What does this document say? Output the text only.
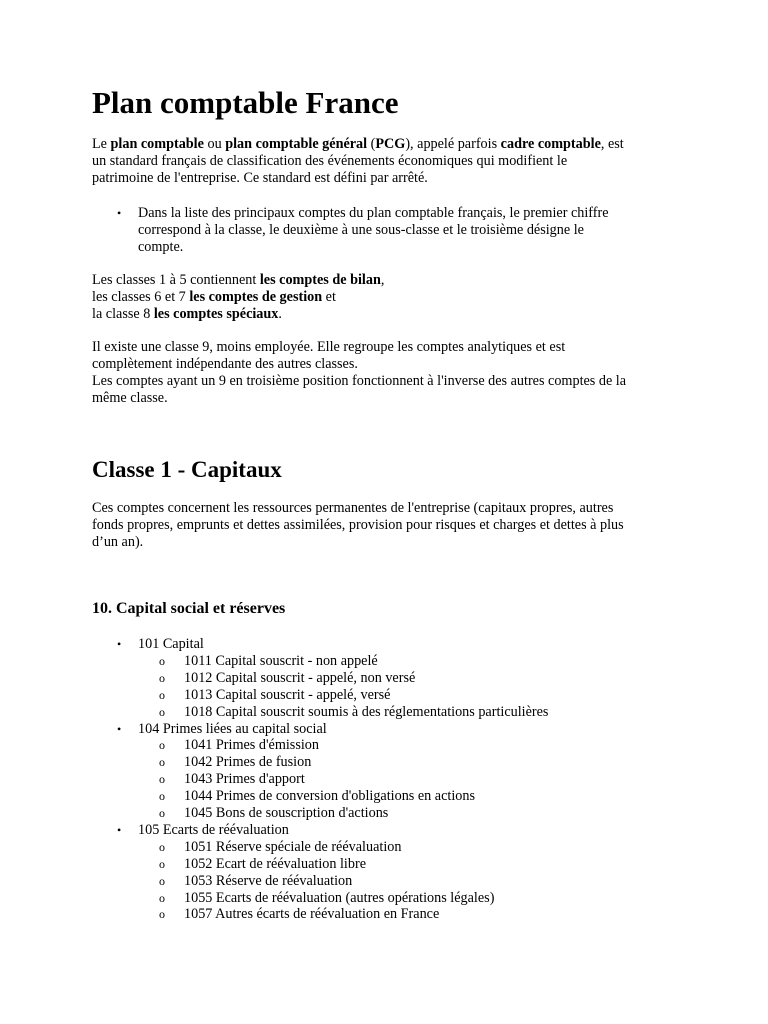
Plan comptable France
Le plan comptable ou plan comptable général (PCG), appelé parfois cadre comptable, est
un standard français de classification des événements économiques qui modifient le
patrimoine de l'entreprise. Ce standard est défini par arrêté.
• Dans la liste des principaux comptes du plan comptable français, le premier chiffre
correspond à la classe, le deuxième à une sous-classe et le troisième désigne le
compte.
Les classes 1 à 5 contiennent les comptes de bilan,
les classes 6 et 7 les comptes de gestion et
la classe 8 les comptes spéciaux.
Il existe une classe 9, moins employée. Elle regroupe les comptes analytiques et est
complètement indépendante des autres classes.
Les comptes ayant un 9 en troisième position fonctionnent à l'inverse des autres comptes de la
même classe.
Classe 1 - Capitaux
Ces comptes concernent les ressources permanentes de l'entreprise (capitaux propres, autres
fonds propres, emprunts et dettes assimilées, provision pour risques et charges et dettes à plus
d’un an).
10. Capital social et réserves
• 101 Capital
o 1011 Capital souscrit - non appelé
o 1012 Capital souscrit - appelé, non versé
o 1013 Capital souscrit - appelé, versé
o 1018 Capital souscrit soumis à des réglementations particulières
• 104 Primes liées au capital social
o 1041 Primes d'émission
o 1042 Primes de fusion
o 1043 Primes d'apport
o 1044 Primes de conversion d'obligations en actions
o 1045 Bons de souscription d'actions
• 105 Ecarts de réévaluation
o 1051 Réserve spéciale de réévaluation
o 1052 Ecart de réévaluation libre
o 1053 Réserve de réévaluation
o 1055 Ecarts de réévaluation (autres opérations légales)
o 1057 Autres écarts de réévaluation en France
